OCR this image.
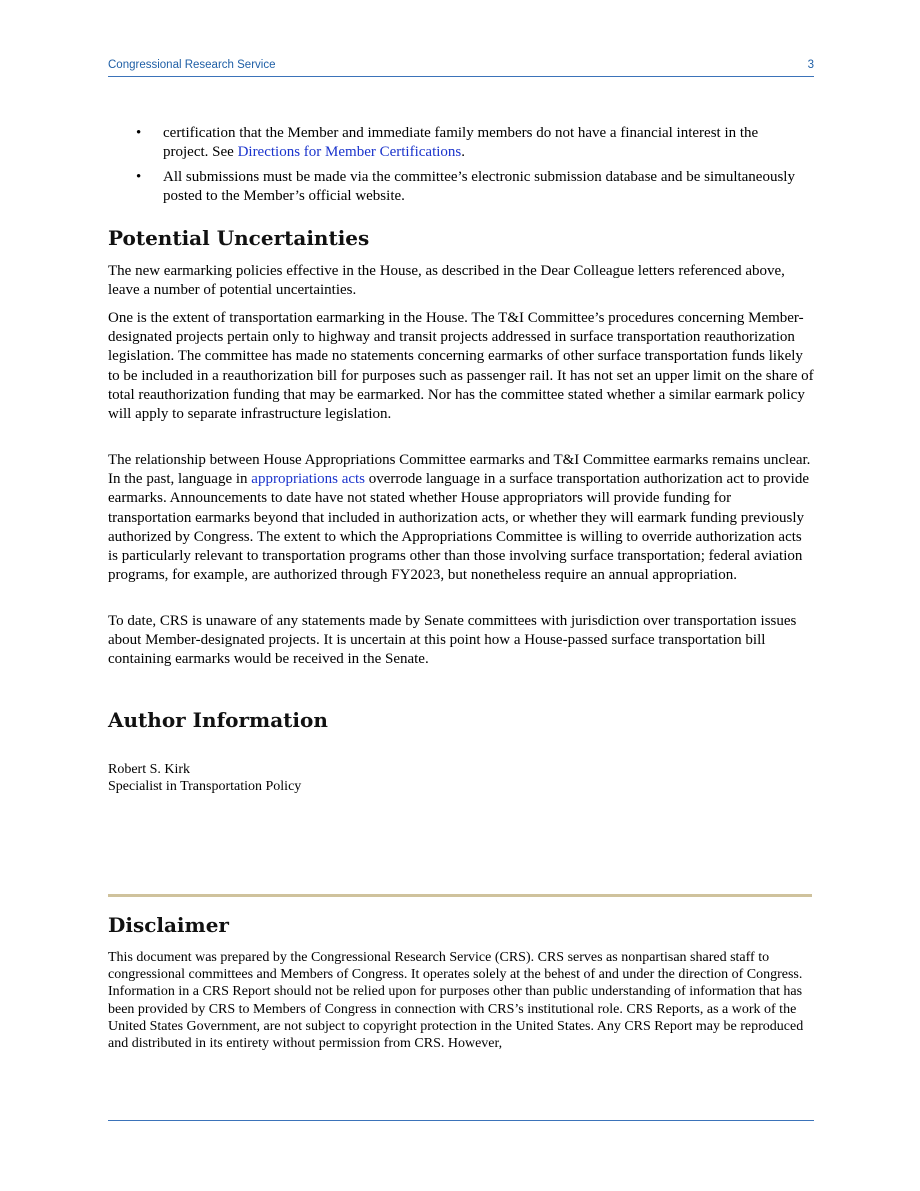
Congressional Research Service	3
• certification that the Member and immediate family members do not have a financial interest in the project. See Directions for Member Certifications.
• All submissions must be made via the committee’s electronic submission database and be simultaneously posted to the Member’s official website.
Potential Uncertainties

The new earmarking policies effective in the House, as described in the Dear Colleague letters referenced above, leave a number of potential uncertainties.

One is the extent of transportation earmarking in the House. The T&I Committee’s procedures concerning Member-designated projects pertain only to highway and transit projects addressed in surface transportation reauthorization legislation. The committee has made no statements concerning earmarks of other surface transportation funds likely to be included in a reauthorization bill for purposes such as passenger rail. It has not set an upper limit on the share of total reauthorization funding that may be earmarked. Nor has the committee stated whether a similar earmark policy will apply to separate infrastructure legislation.

The relationship between House Appropriations Committee earmarks and T&I Committee earmarks remains unclear. In the past, language in appropriations acts overrode language in a surface transportation authorization act to provide earmarks. Announcements to date have not stated whether House appropriators will provide funding for transportation earmarks beyond that included in authorization acts, or whether they will earmark funding previously authorized by Congress. The extent to which the Appropriations Committee is willing to override authorization acts is particularly relevant to transportation programs other than those involving surface transportation; federal aviation programs, for example, are authorized through FY2023, but nonetheless require an annual appropriation.

To date, CRS is unaware of any statements made by Senate committees with jurisdiction over transportation issues about Member-designated projects. It is uncertain at this point how a House-passed surface transportation bill containing earmarks would be received in the Senate.

Author Information
Robert S. Kirk
Specialist in Transportation Policy
Disclaimer

This document was prepared by the Congressional Research Service (CRS). CRS serves as nonpartisan shared staff to congressional committees and Members of Congress. It operates solely at the behest of and under the direction of Congress. Information in a CRS Report should not be relied upon for purposes other than public understanding of information that has been provided by CRS to Members of Congress in connection with CRS’s institutional role. CRS Reports, as a work of the United States Government, are not subject to copyright protection in the United States. Any CRS Report may be reproduced and distributed in its entirety without permission from CRS. However,
